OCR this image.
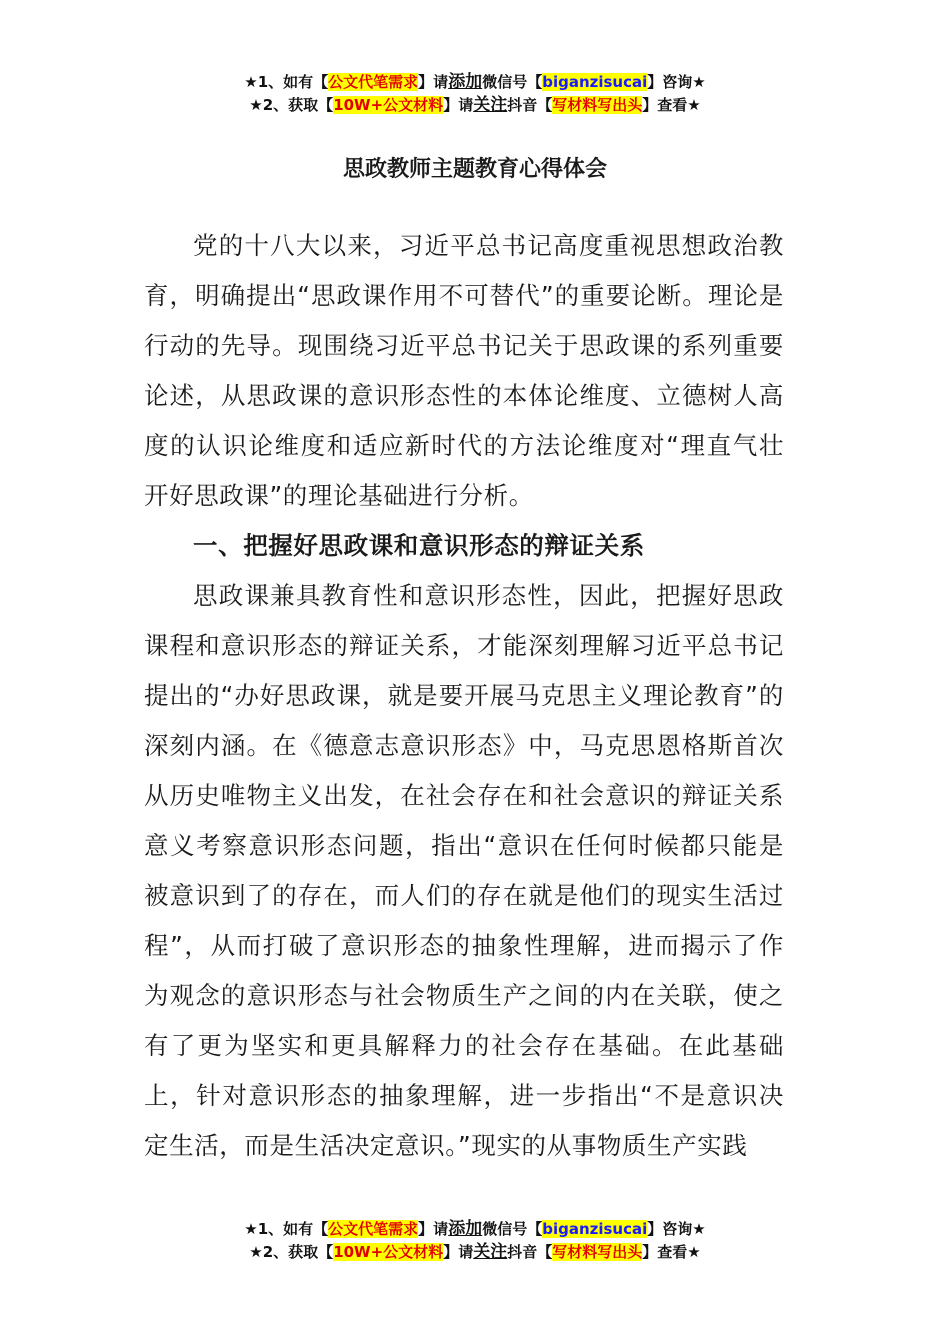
★1、如有【公文代笔需求】请添加微信号【biganzisucai】咨询★
★2、获取【10W+公文材料】请关注抖音【写材料写出头】查看★
思政教师主题教育心得体会

党的十八大以来，习近平总书记高度重视思想政治教育，明确提出“思政课作用不可替代”的重要论断。理论是行动的先导。现围绕习近平总书记关于思政课的系列重要论述，从思政课的意识形态性的本体论维度、立德树人高度的认识论维度和适应新时代的方法论维度对“理直气壮开好思政课”的理论基础进行分析。

一、把握好思政课和意识形态的辩证关系

思政课兼具教育性和意识形态性，因此，把握好思政课程和意识形态的辩证关系，才能深刻理解习近平总书记提出的“办好思政课，就是要开展马克思主义理论教育”的深刻内涵。在《德意志意识形态》中，马克思恩格斯首次从历史唯物主义出发，在社会存在和社会意识的辩证关系意义考察意识形态问题，指出“意识在任何时候都只能是被意识到了的存在，而人们的存在就是他们的现实生活过程”，从而打破了意识形态的抽象性理解，进而揭示了作为观念的意识形态与社会物质生产之间的内在关联，使之有了更为坚实和更具解释力的社会存在基础。在此基础上，针对意识形态的抽象理解，进一步指出“不是意识决定生活，而是生活决定意识。”现实的从事物质生产实践

★1、如有【公文代笔需求】请添加微信号【biganzisucai】咨询★
★2、获取【10W+公文材料】请关注抖音【写材料写出头】查看★
